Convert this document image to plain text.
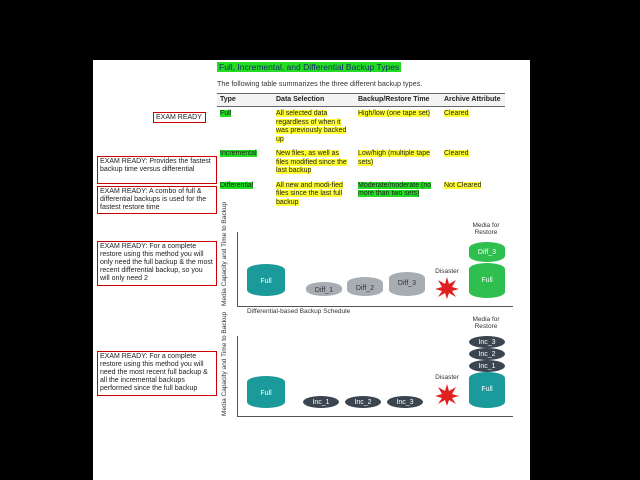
Full, Incremental, and Differential Backup Types
The following table summarizes the three different backup types.
Type	Data Selection	Backup/Restore Time	Archive Attribute
Full	All selected data regardless of when it was previously backed up	High/low (one tape set)	Cleared
Incremental	New files, as well as files modified since the last backup	Low/high (multiple tape sets)	Cleared
Differential	All new and modi-fied files since the last full backup	Moderate/moderate (no more than two sets)	Not Cleared
EXAM READY
EXAM READY: Provides the fastest backup time versus differential
EXAM READY: A combo of full & differential backups is used for the fastest restore time
EXAM READY: For a complete restore using this method you will only need the full backup & the most recent differential backup, so you will only need 2
EXAM READY: For a complete restore using this method you will need the most recent full backup & all the incremental backups performed since the full backup
Media Capacity and Time to Backup	Full
Diff_1	Diff_2
Diff_3
Disaster
Media for Restore
Diff_3
Full
Differential-based Backup Schedule
Media Capacity and Time to Backup	Full
Inc_1	Inc_2	Inc_3
Disaster
Media for Restore
Inc_3
Inc_2
Inc_1
Full
